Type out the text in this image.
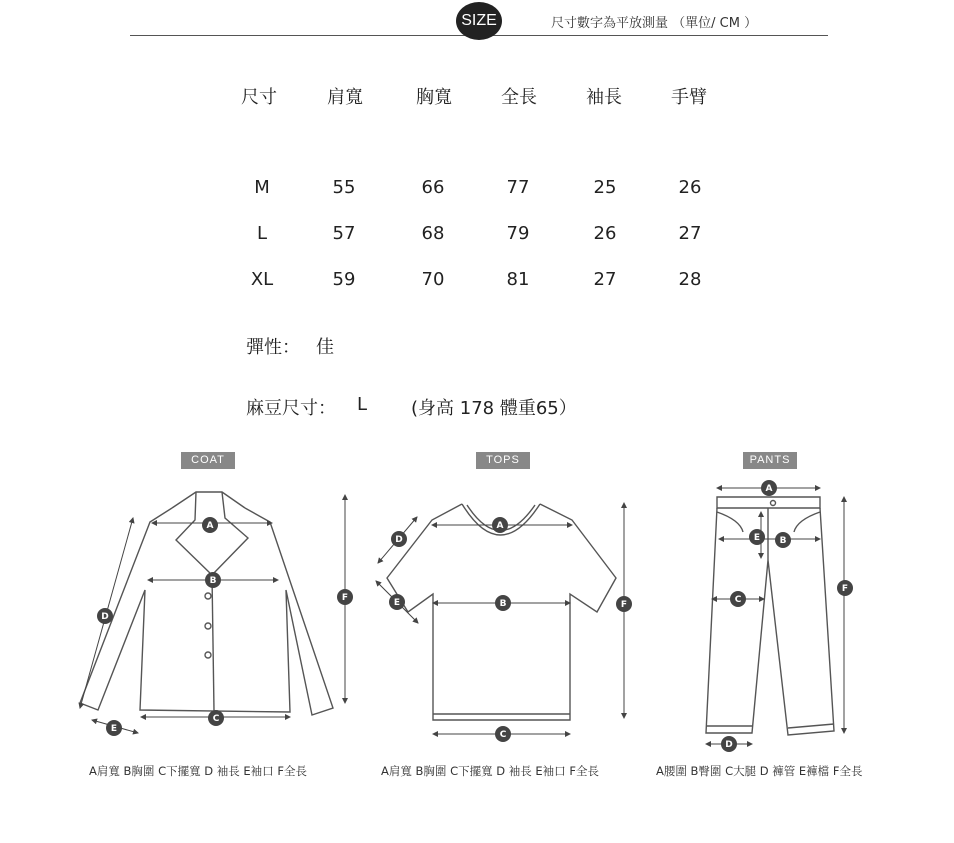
SIZE	尺寸數字為平放測量 （單位/ CM ）
尺寸	肩寬	胸寬	全長	袖長	手臂
M	55	66	77	25	26
L	57	68	79	26	27
XL	59	70	81	27	28
彈性： 佳
麻豆尺寸： L (身高 178 體重65）
COAT	TOPS	PANTS
A
B
C
D
E
F
A
B
C
D
E	F
A
B
C
D
E
F
A肩寬 B胸圍 C下擺寬 D 袖長 E袖口 F全長	A肩寬 B胸圍 C下擺寬 D 袖長 E袖口 F全長	A腰圍 B臀圍 C大腿 D 褲管 E褲檔 F全長
